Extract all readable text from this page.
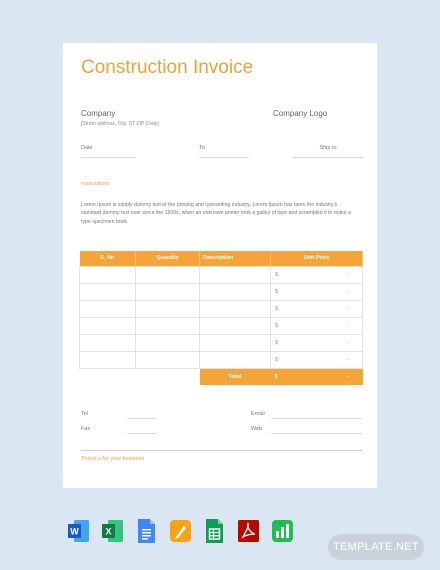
Construction Invoice
Company
[Street address, City, ST ZIP Code]
Company Logo
Date	To	Ship to
Instructions
Lorem Ipsum is simply dummy text of the printing and typesetting industry. Lorem Ipsum has been the industry's standard dummy text ever since the 1500s, when an unknown printer took a galley of type and scrambled it to make a type specimen book.
S. No	Quantity	Description	Unit Price

			$ -

			$ -

			$ -

			$ -

			$ -

			$ -

		Total	$ -
Tel
Fax
Email
Web
Thank u for your business
W	X
TEMPLATE.NET
